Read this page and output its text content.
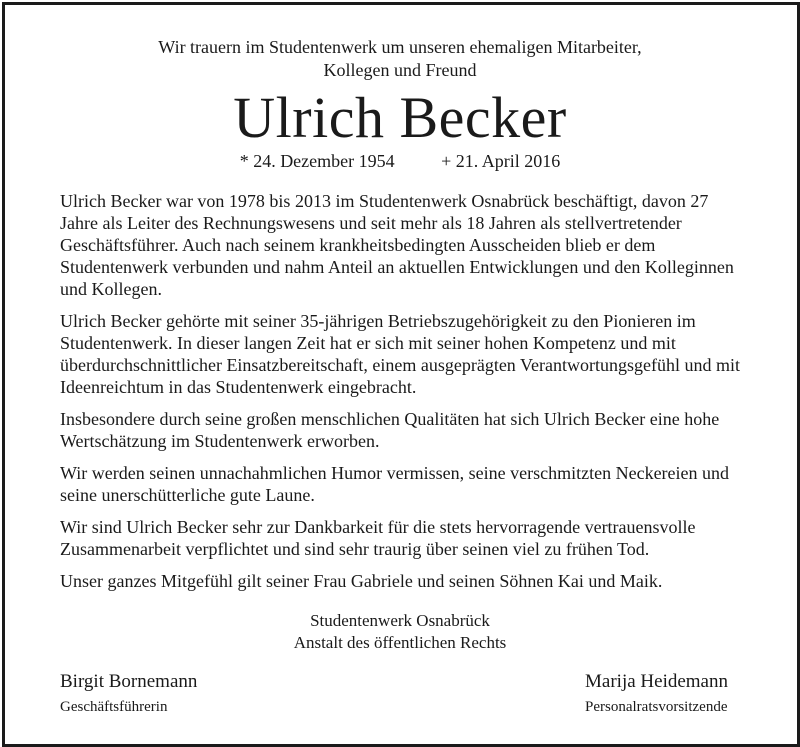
Wir trauern im Studentenwerk um unseren ehemaligen Mitarbeiter,
Kollegen und Freund
Ulrich Becker
* 24. Dezember 1954	+ 21. April 2016

Ulrich Becker war von 1978 bis 2013 im Studentenwerk Osnabrück beschäftigt, davon 27 Jahre als Leiter des Rechnungswesens und seit mehr als 18 Jahren als stellvertretender Geschäftsführer. Auch nach seinem krankheitsbedingten Ausscheiden blieb er dem Studentenwerk verbunden und nahm Anteil an aktuellen Entwicklungen und den Kolleginnen und Kollegen.

Ulrich Becker gehörte mit seiner 35-jährigen Betriebszugehörigkeit zu den Pionieren im Studentenwerk. In dieser langen Zeit hat er sich mit seiner hohen Kompetenz und mit überdurchschnittlicher Einsatzbereitschaft, einem ausgeprägten Verantwortungsgefühl und mit Ideenreichtum in das Studentenwerk eingebracht.

Insbesondere durch seine großen menschlichen Qualitäten hat sich Ulrich Becker eine hohe Wertschätzung im Studentenwerk erworben.

Wir werden seinen unnachahmlichen Humor vermissen, seine verschmitzten Neckereien und seine unerschütterliche gute Laune.

Wir sind Ulrich Becker sehr zur Dankbarkeit für die stets hervorragende vertrauensvolle Zusammenarbeit verpflichtet und sind sehr traurig über seinen viel zu frühen Tod.

Unser ganzes Mitgefühl gilt seiner Frau Gabriele und seinen Söhnen Kai und Maik.

Studentenwerk Osnabrück
Anstalt des öffentlichen Rechts
Birgit Bornemann
Geschäftsführerin
Marija Heidemann
Personalratsvorsitzende
